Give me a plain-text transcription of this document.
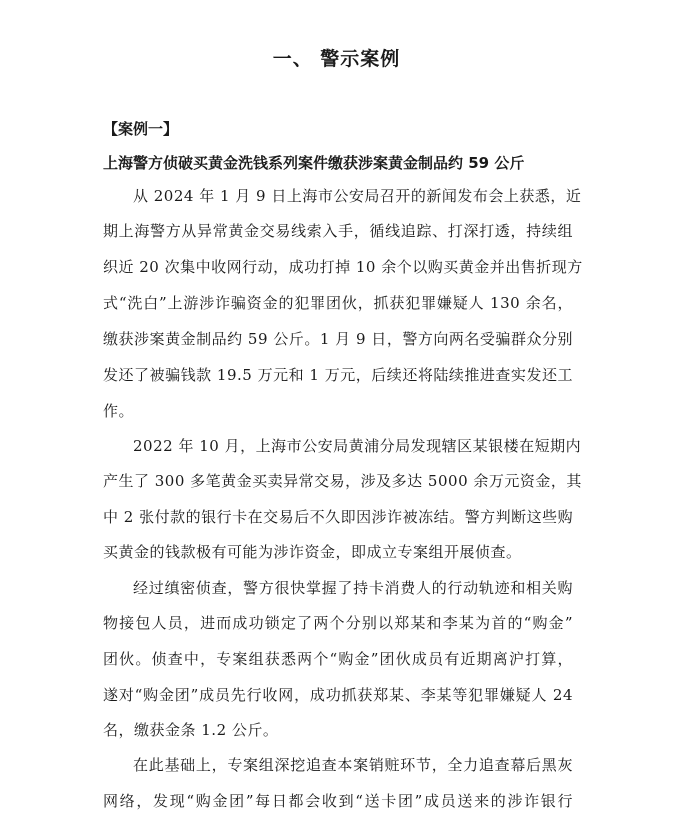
一、 警示案例
【案例一】
上海警方侦破买黄金洗钱系列案件缴获涉案黄金制品约 59 公斤
从 2024 年 1 月 9 日上海市公安局召开的新闻发布会上获悉，近
期上海警方从异常黄金交易线索入手，循线追踪、打深打透，持续组
织近 20 次集中收网行动，成功打掉 10 余个以购买黄金并出售折现方
式“洗白”上游涉诈骗资金的犯罪团伙，抓获犯罪嫌疑人 130 余名，
缴获涉案黄金制品约 59 公斤。1 月 9 日，警方向两名受骗群众分别
发还了被骗钱款 19.5 万元和 1 万元，后续还将陆续推进查实发还工
作。
2022 年 10 月，上海市公安局黄浦分局发现辖区某银楼在短期内
产生了 300 多笔黄金买卖异常交易，涉及多达 5000 余万元资金，其
中 2 张付款的银行卡在交易后不久即因涉诈被冻结。警方判断这些购
买黄金的钱款极有可能为涉诈资金，即成立专案组开展侦查。
经过缜密侦查，警方很快掌握了持卡消费人的行动轨迹和相关购
物接包人员，进而成功锁定了两个分别以郑某和李某为首的“购金”
团伙。侦查中，专案组获悉两个“购金”团伙成员有近期离沪打算，
遂对“购金团”成员先行收网，成功抓获郑某、李某等犯罪嫌疑人 24
名，缴获金条 1.2 公斤。
在此基础上，专案组深挖追查本案销赃环节，全力追查幕后黑灰
网络，发现“购金团”每日都会收到“送卡团”成员送来的涉诈银行
